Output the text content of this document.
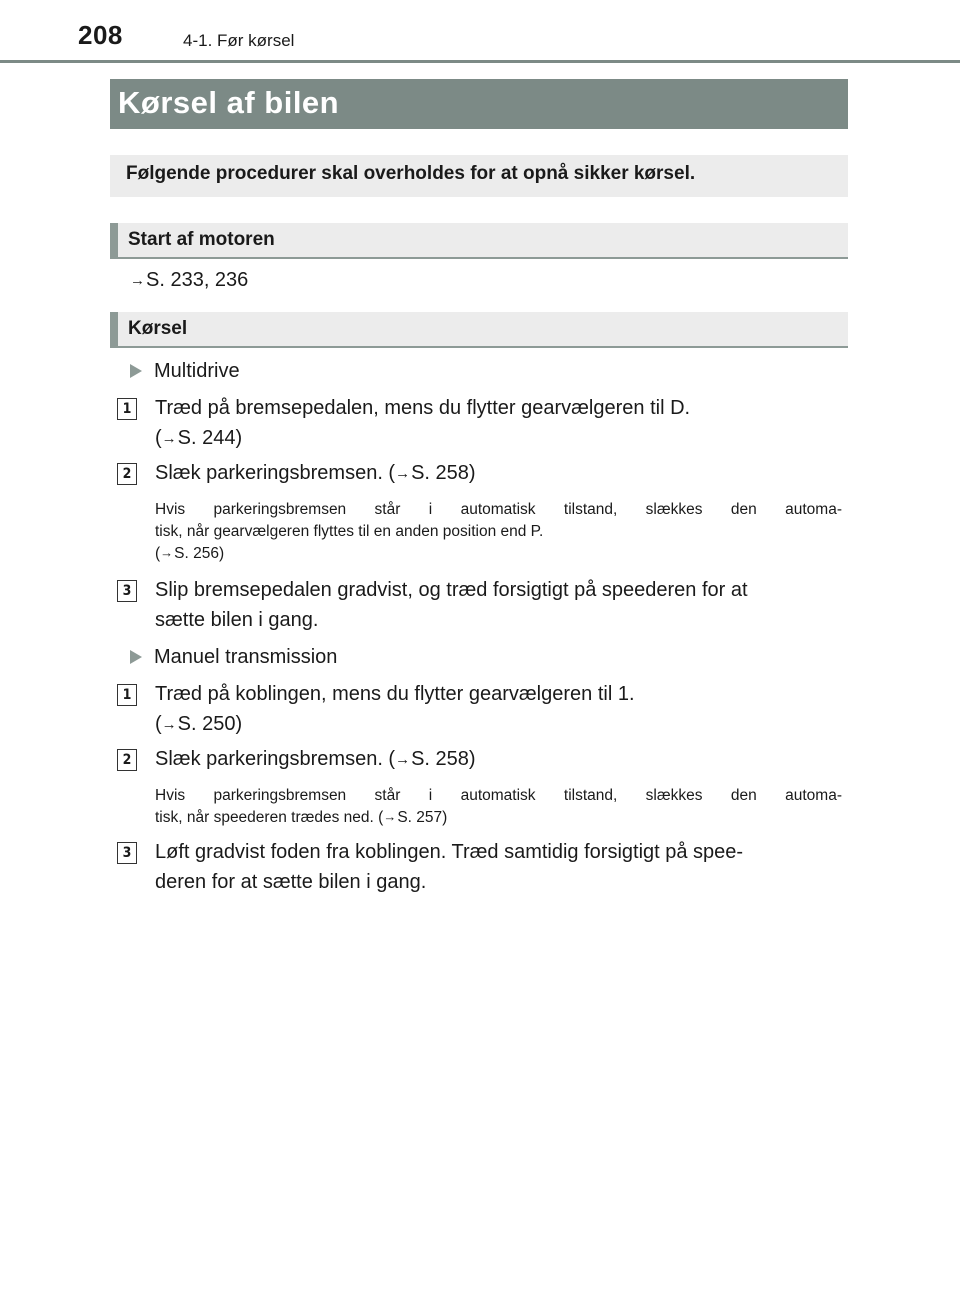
208	4-1. Før kørsel
Kørsel af bilen
Følgende procedurer skal overholdes for at opnå sikker kørsel.
Start af motoren
→S. 233, 236
Kørsel
Multidrive
1 Træd på bremsepedalen, mens du flytter gearvælgeren til D.
(→S. 244)
2 Slæk parkeringsbremsen. (→S. 258)
Hvis parkeringsbremsen står i automatisk tilstand, slækkes den automa-
tisk, når gearvælgeren flyttes til en anden position end P.
(→S. 256)
3 Slip bremsepedalen gradvist, og træd forsigtigt på speederen for at
sætte bilen i gang.
Manuel transmission
1 Træd på koblingen, mens du flytter gearvælgeren til 1.
(→S. 250)
2 Slæk parkeringsbremsen. (→S. 258)
Hvis parkeringsbremsen står i automatisk tilstand, slækkes den automa-
tisk, når speederen trædes ned. (→S. 257)
3 Løft gradvist foden fra koblingen. Træd samtidig forsigtigt på spee-
deren for at sætte bilen i gang.
